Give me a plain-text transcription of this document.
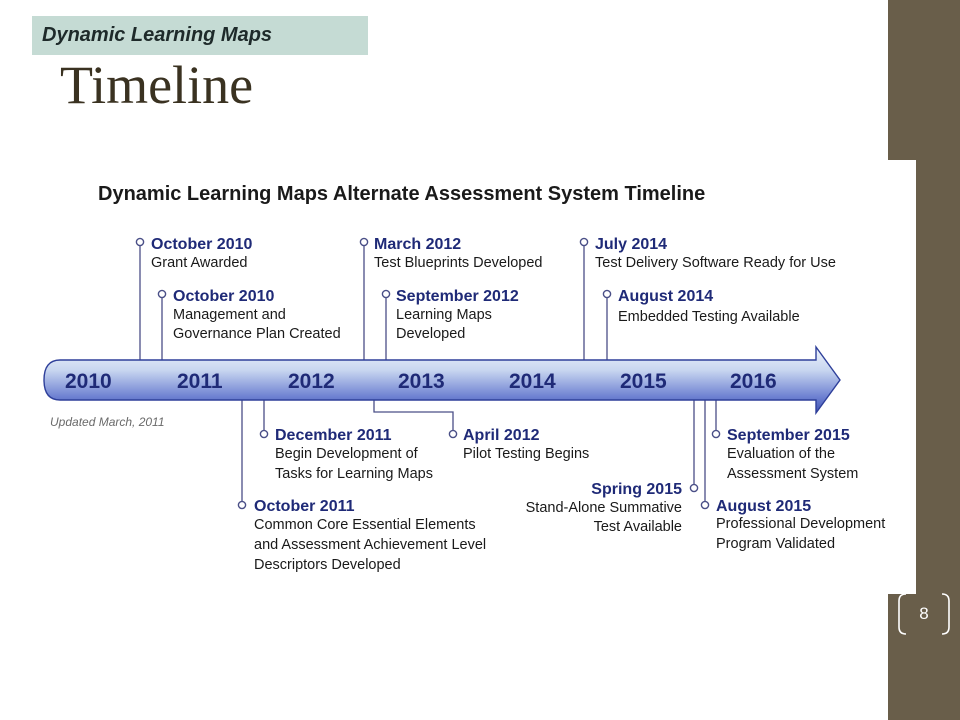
Dynamic Learning Maps
Timeline
Dynamic Learning Maps Alternate Assessment System Timeline
2010	2011	2012	2013	2014	2015	2016
Updated March, 2011
October 2010
Grant Awarded
October 2010
Management and
Governance Plan Created
March 2012
Test Blueprints Developed
September 2012
Learning Maps
Developed
July 2014
Test Delivery Software Ready for Use
August 2014
Embedded Testing Available
December 2011
Begin Development of
Tasks for Learning Maps
April 2012
Pilot Testing Begins
October 2011
Common Core Essential Elements
and Assessment Achievement Level
Descriptors Developed
Spring 2015
Stand-Alone Summative
Test Available
September 2015
Evaluation of the
Assessment System
August 2015
Professional Development
Program Validated
8
